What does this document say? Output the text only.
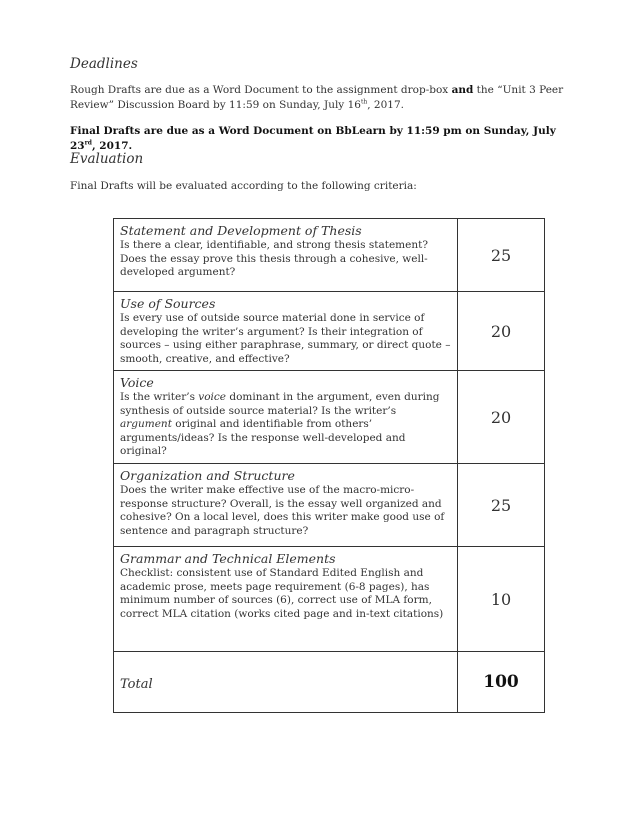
Deadlines

Rough Drafts are due as a Word Document to the assignment drop-box and the “Unit 3 Peer Review” Discussion Board by 11:59 on Sunday, July 16th, 2017.

Final Drafts are due as a Word Document on BbLearn by 11:59 pm on Sunday, July 23rd, 2017.

Evaluation

Final Drafts will be evaluated according to the following criteria:

Statement and Development of Thesis
Is there a clear, identifiable, and strong thesis statement? Does the essay prove this thesis through a cohesive, well-developed argument?	25

Use of Sources
Is every use of outside source material done in service of developing the writer’s argument? Is their integration of sources – using either paraphrase, summary, or direct quote – smooth, creative, and effective?	20

Voice
Is the writer’s voice dominant in the argument, even during synthesis of outside source material? Is the writer’s argument original and identifiable from others’ arguments/ideas? Is the response well-developed and original?	20

Organization and Structure
Does the writer make effective use of the macro-micro-response structure? Overall, is the essay well organized and cohesive? On a local level, does this writer make good use of sentence and paragraph structure?	25

Grammar and Technical Elements
Checklist: consistent use of Standard Edited English and academic prose, meets page requirement (6-8 pages), has minimum number of sources (6), correct use of MLA form, correct MLA citation (works cited page and in-text citations)	10
Total	100
